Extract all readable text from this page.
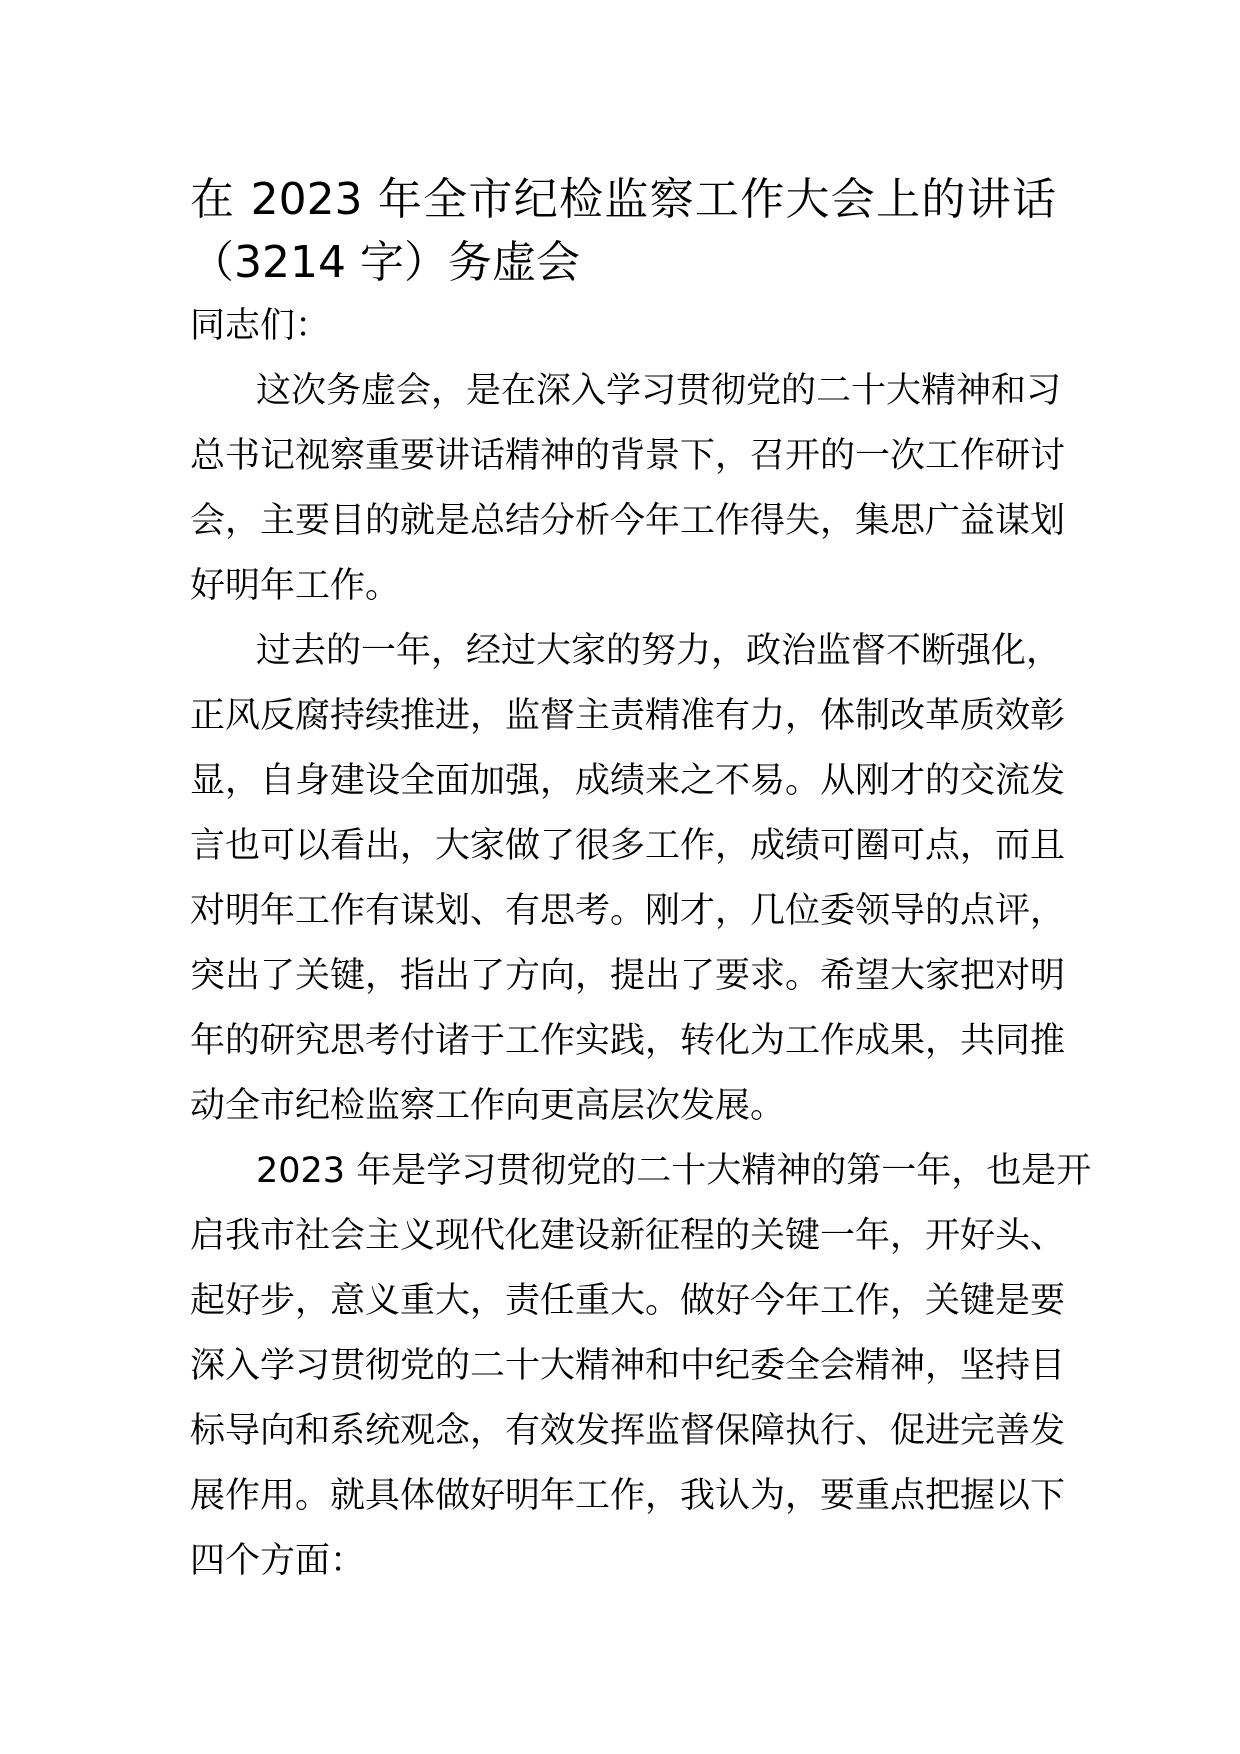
在 2023 年全市纪检监察工作大会上的讲话
（3214 字）务虚会
同志们：
这次务虚会，是在深入学习贯彻党的二十大精神和习
总书记视察重要讲话精神的背景下，召开的一次工作研讨
会，主要目的就是总结分析今年工作得失，集思广益谋划
好明年工作。
过去的一年，经过大家的努力，政治监督不断强化，
正风反腐持续推进，监督主责精准有力，体制改革质效彰
显，自身建设全面加强，成绩来之不易。从刚才的交流发
言也可以看出，大家做了很多工作，成绩可圈可点，而且
对明年工作有谋划、有思考。刚才，几位委领导的点评，
突出了关键，指出了方向，提出了要求。希望大家把对明
年的研究思考付诸于工作实践，转化为工作成果，共同推
动全市纪检监察工作向更高层次发展。
2023 年是学习贯彻党的二十大精神的第一年，也是开
启我市社会主义现代化建设新征程的关键一年，开好头、
起好步，意义重大，责任重大。做好今年工作，关键是要
深入学习贯彻党的二十大精神和中纪委全会精神，坚持目
标导向和系统观念，有效发挥监督保障执行、促进完善发
展作用。就具体做好明年工作，我认为，要重点把握以下
四个方面：
